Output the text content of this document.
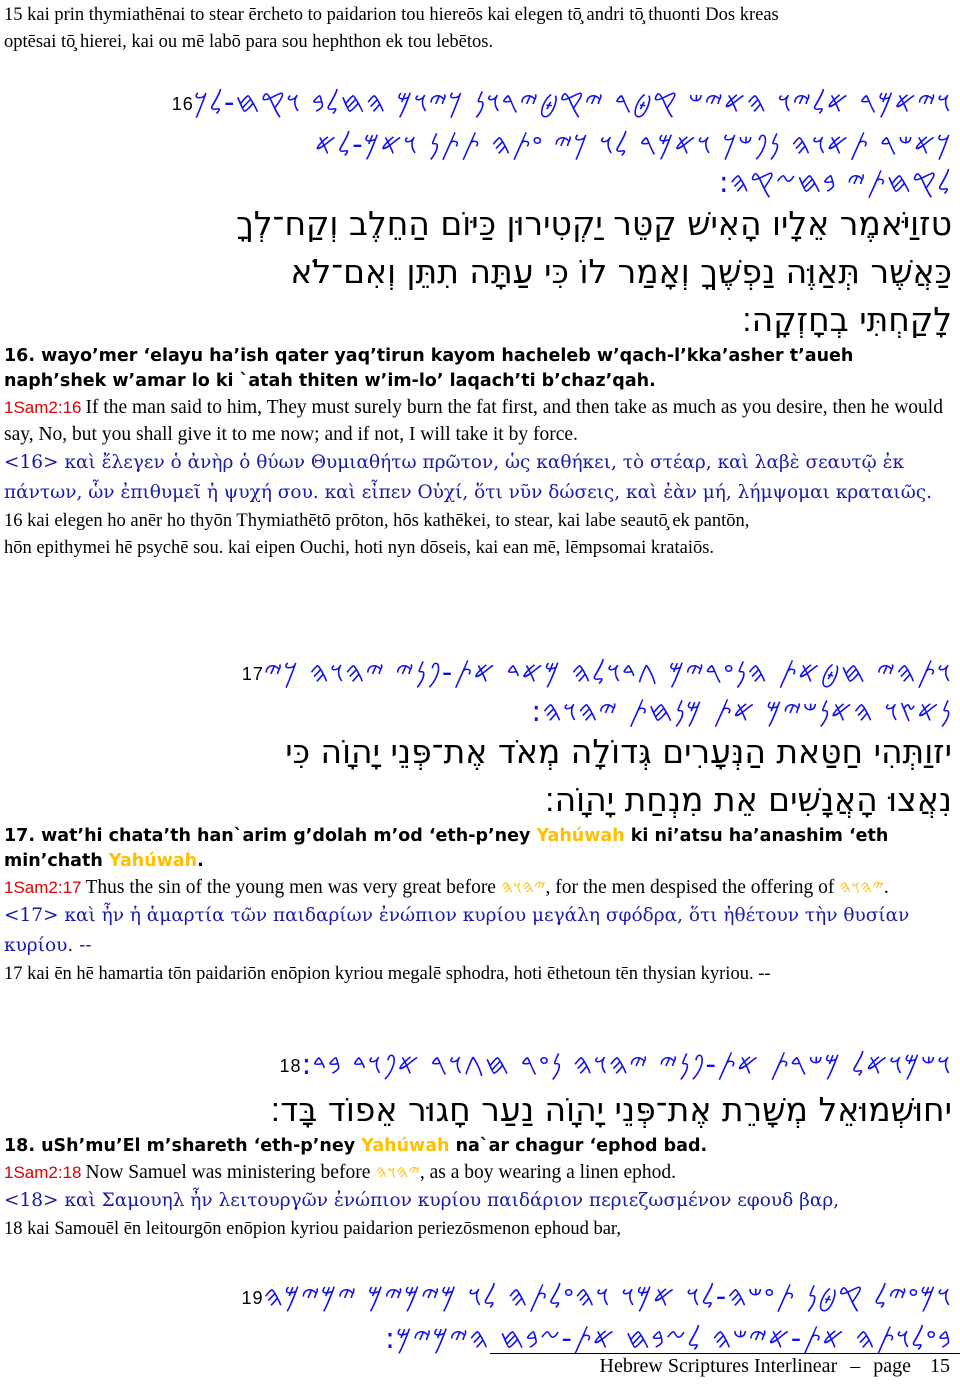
15 kai prin thymiathēnai to stear ērcheto to paidarion tou hiereōs kai elegen tō̧ andri tō̧ thuonti Dos kreas

optēsai tō̧ hierei, kai ou mē labō para sou hephthon ek tou lebētos.

𐤅𐤉𐤀𐤌𐤓 𐤀𐤋𐤉𐤅 𐤄𐤀𐤉𐤔 𐤒𐤈𐤓 𐤉𐤒𐤈𐤉𐤓𐤅𐤍 𐤊𐤉𐤅𐤌 𐤄𐤇𐤋𐤁 𐤅𐤒𐤇-𐤋𐤊16

𐤊𐤀𐤔𐤓 𐤕𐤀𐤅𐤄 𐤍𐤐𐤔𐤊 𐤅𐤀𐤌𐤓 𐤋𐤅 𐤊𐤉 𐤏𐤕𐤄 𐤕𐤕𐤍 𐤅𐤀𐤌-𐤋𐤀

𐤋𐤒𐤇𐤕𐤉 𐤁𐤇𐤆𐤒𐤄:

טזוַיֹּאמֶר אֵלָיו הָאִישׁ קַטֵּר יַקְטִירוּן כַּיּוֹם הַחֵלֶב וְקַח־לְךָ

כַּאֲשֶׁר תְּאַוֶּה נַפְשֶׁךָ וְאָמַר לוֹ כִּי עַתָּה תִתֵּן וְאִם־לֹא

לָקַחְתִּי בְחָזְקָה׃

16. wayo’mer ‘elayu ha’ish qater yaq’tirun kayom hacheleb w’qach-l’kka’asher t’aueh naph’shek w’amar lo ki `atah thiten w’im-lo’ laqach’ti b’chaz’qah.

1Sam2:16 If the man said to him, They must surely burn the fat first, and then take as much as you desire, then he would say, No, but you shall give it to me now; and if not, I will take it by force.

<16> καὶ ἔλεγεν ὁ ἀνὴρ ὁ θύων Θυμιαθήτω πρῶτον, ὡς καθήκει, τὸ στέαρ, καὶ λαβὲ σεαυτῷ ἐκ πάντων, ὧν ἐπιθυμεῖ ἡ ψυχή σου. καὶ εἶπεν Οὐχί, ὅτι νῦν δώσεις, καὶ ἐὰν μή, λήμψομαι κραταιῶς.

16 kai elegen ho anēr ho thyōn Thymiathētō prōton, hōs kathēkei, to stear, kai labe seautō̧ ek pantōn,

hōn epithymei hē psychē sou. kai eipen Ouchi, hoti nyn dōseis, kai ean mē, lēmpsomai krataiōs.

𐤅𐤕𐤄𐤉 𐤇𐤈𐤀𐤕 𐤄𐤍𐤏𐤓𐤉𐤌 𐤂𐤃𐤅𐤋𐤄 𐤌𐤀𐤃 𐤀𐤕-𐤐𐤍𐤉 𐤉𐤄𐤅𐤄 𐤊𐤉17

𐤍𐤀𐤑𐤅 𐤄𐤀𐤍𐤔𐤉𐤌 𐤀𐤕 𐤌𐤍𐤇𐤕 𐤉𐤄𐤅𐤄:

יזוַתְּהִי חַטַּאת הַנְּעָרִים גְּדוֹלָה מְאֹד אֶת־פְּנֵי יָהוָֹה כִּי

נִאֲצוּ הָאֲנָשִׁים אֵת מִנְחַת יָהוָֹה׃

17. wat’hi chata’th han`arim g’dolah m’od ‘eth-p’ney Yahúwah ki ni’atsu ha’anashim ‘eth min’chath Yahúwah.

1Sam2:17 Thus the sin of the young men was very great before 𐤉𐤄𐤅𐤄, for the men despised the offering of 𐤉𐤄𐤅𐤄.

<17> καὶ ἦν ἡ ἁμαρτία τῶν παιδαρίων ἐνώπιον κυρίου μεγάλη σφόδρα, ὅτι ἠθέτουν τὴν θυσίαν κυρίου. --

17 kai ēn hē hamartia tōn paidariōn enōpion kyriou megalē sphodra, hoti ēthetoun tēn thysian kyriou. --

𐤅𐤔𐤌𐤅𐤀𐤋 𐤌𐤔𐤓𐤕 𐤀𐤕-𐤐𐤍𐤉 𐤉𐤄𐤅𐤄 𐤍𐤏𐤓 𐤇𐤂𐤅𐤓 𐤀𐤐𐤅𐤃 𐤁𐤃:18

יחוּשְׁמוּאֵל מְשָׁרֵת אֶת־פְּנֵי יָהוָֹה נַעַר חָגוּר אֵפוֹד בָּד׃

18. uSh’mu’El m’shareth ‘eth-p’ney Yahúwah na`ar chagur ‘ephod bad.

1Sam2:18 Now Samuel was ministering before 𐤉𐤄𐤅𐤄, as a boy wearing a linen ephod.

<18> καὶ Σαμουηλ ἦν λειτουργῶν ἐνώπιον κυρίου παιδάριον περιεζωσμένον εφουδ βαρ,

18 kai Samouēl ēn leitourgōn enōpion kyriou paidarion periezōsmenon ephoud bar,

𐤅𐤌𐤏𐤉𐤋 𐤒𐤈𐤍 𐤕𐤏𐤔𐤄-𐤋𐤅 𐤀𐤌𐤅 𐤅𐤄𐤏𐤋𐤕𐤄 𐤋𐤅 𐤌𐤉𐤌𐤉𐤌 𐤉𐤌𐤉𐤌𐤄19

𐤁𐤏𐤋𐤅𐤕𐤄 𐤀𐤕-𐤀𐤉𐤔𐤄 𐤋𐤆𐤁𐤇 𐤀𐤕-𐤆𐤁𐤇 𐤄𐤉𐤌𐤉𐤌:

Hebrew Scriptures Interlinear – page 15
